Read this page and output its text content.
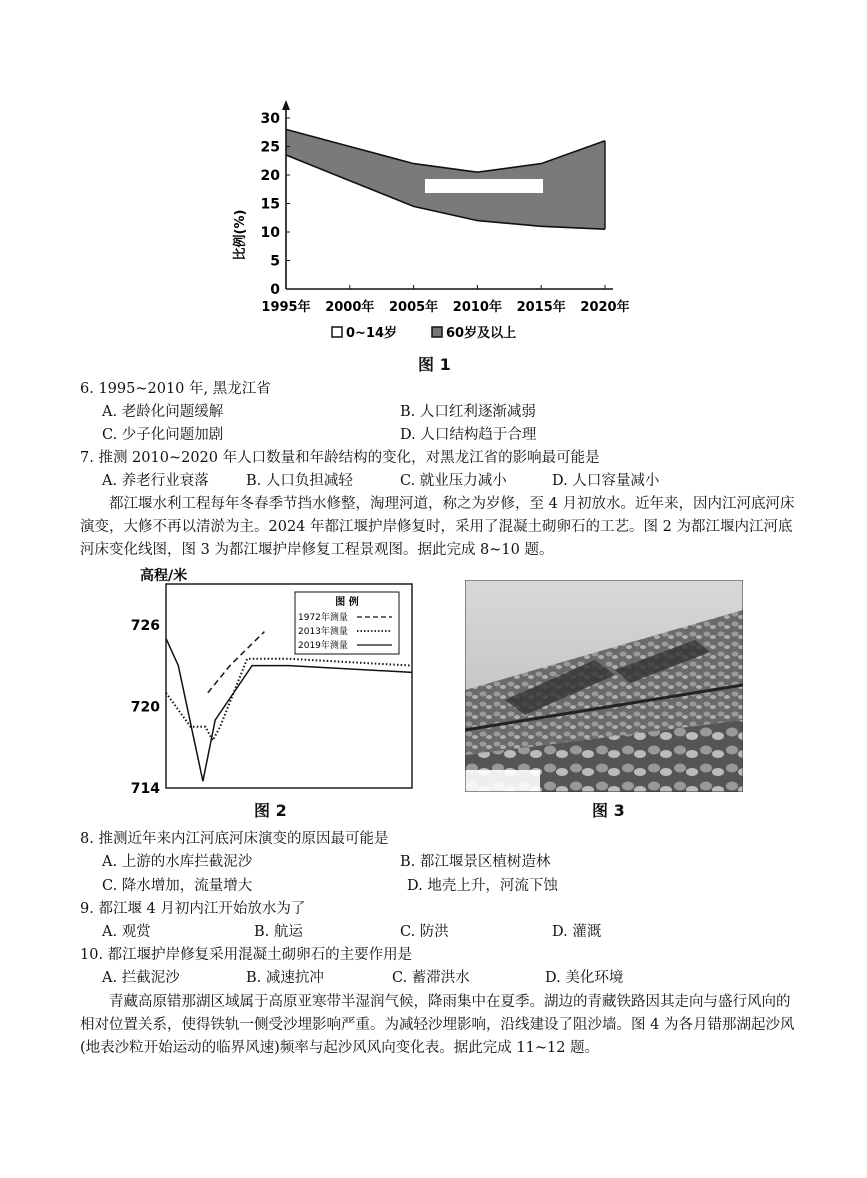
0
5
10
15
20
25
30
1995年 2000年 2005年 2010年 2015年 2020年
比例(%)
0~14岁	60岁及以上
图 1
6. 1995~2010 年, 黑龙江省
A. 老龄化问题缓解	B. 人口红利逐渐减弱
C. 少子化问题加剧	D. 人口结构趋于合理
7. 推测 2010~2020 年人口数量和年龄结构的变化，对黑龙江省的影响最可能是
A. 养老行业衰落	B. 人口负担减轻	C. 就业压力减小	D. 人口容量减小
都江堰水利工程每年冬春季节挡水修整，淘理河道，称之为岁修，至 4 月初放水。近年来，因内江河底河床演变，大修不再以清淤为主。2024 年都江堰护岸修复时，采用了混凝土砌卵石的工艺。图 2 为都江堰内江河底河床变化线图，图 3 为都江堰护岸修复工程景观图。据此完成 8~10 题。
高程/米
714
720
726
图 例
1972年测量
2013年测量
2019年测量
图 2	图 3
8. 推测近年来内江河底河床演变的原因最可能是
A. 上游的水库拦截泥沙	B. 都江堰景区植树造林
C. 降水增加，流量增大	D. 地壳上升，河流下蚀
9. 都江堰 4 月初内江开始放水为了
A. 观赏	B. 航运	C. 防洪	D. 灌溉
10. 都江堰护岸修复采用混凝土砌卵石的主要作用是
A. 拦截泥沙	B. 减速抗冲	C. 蓄滞洪水	D. 美化环境
青藏高原错那湖区域属于高原亚寒带半湿润气候，降雨集中在夏季。湖边的青藏铁路因其走向与盛行风向的相对位置关系，使得铁轨一侧受沙埋影响严重。为减轻沙埋影响，沿线建设了阻沙墙。图 4 为各月错那湖起沙风(地表沙粒开始运动的临界风速)频率与起沙风风向变化表。据此完成 11~12 题。
